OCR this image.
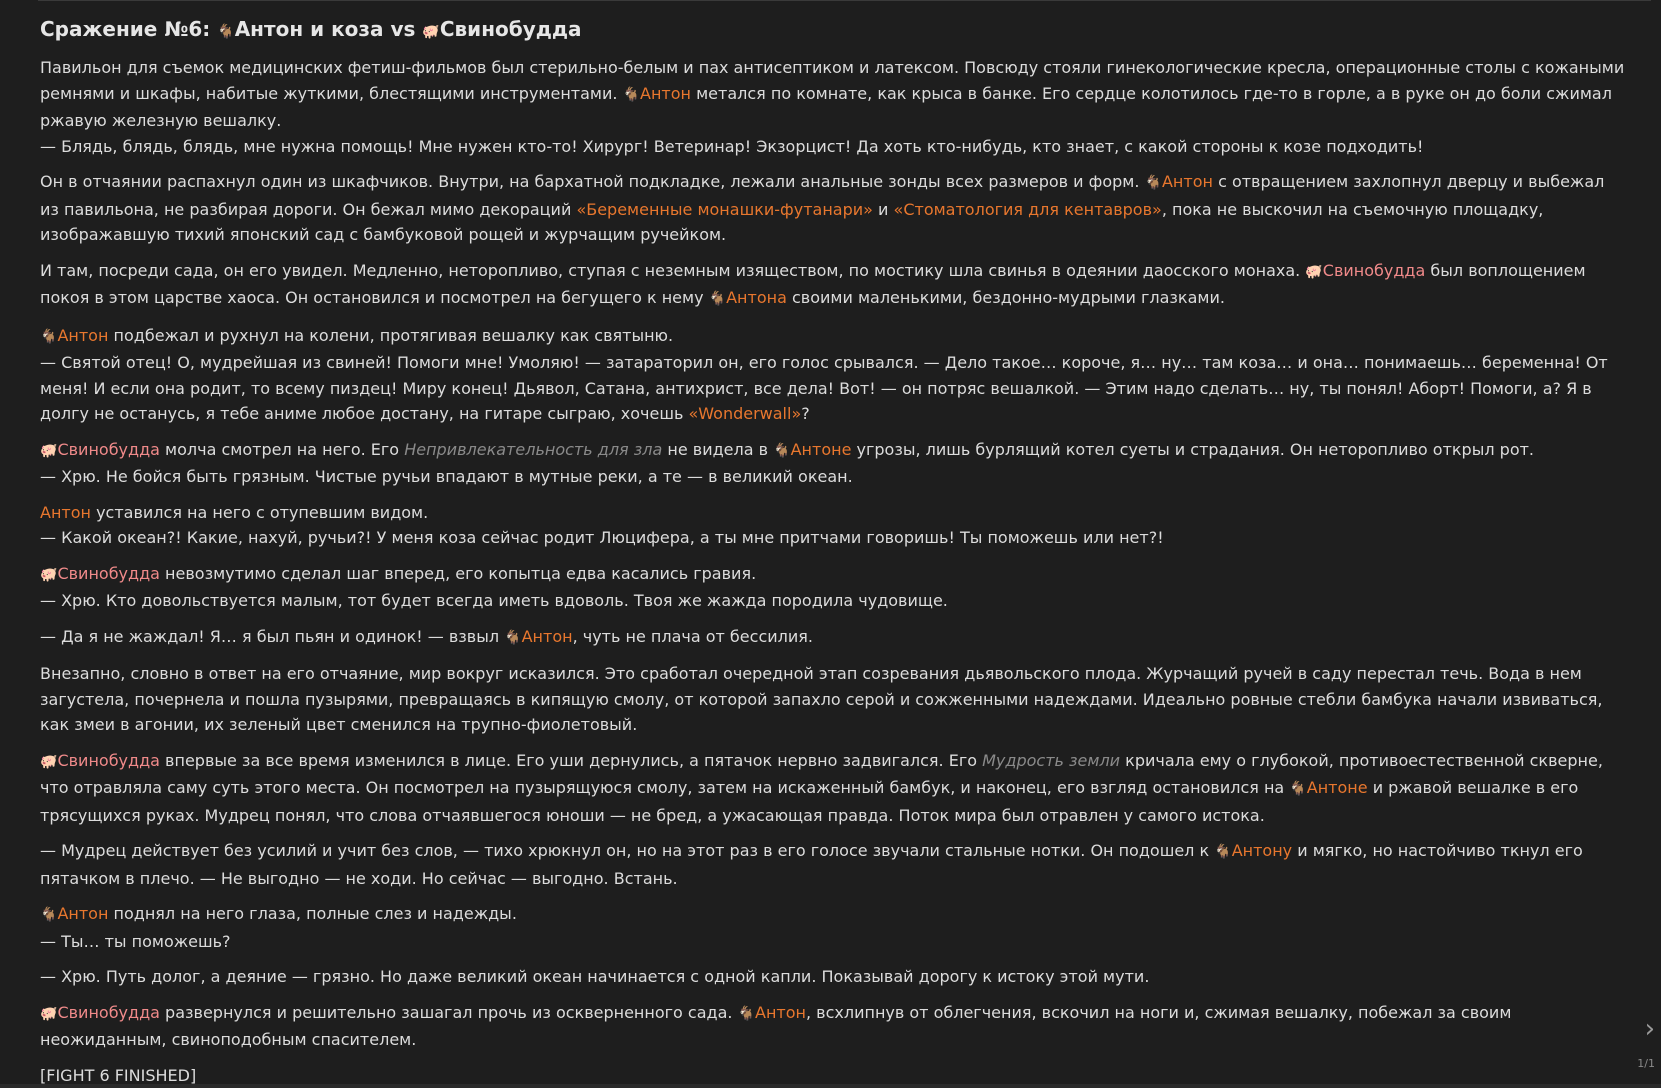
Сражение №6: 🐐Антон и коза vs 🐖Свинобудда

Павильон для съемок медицинских фетиш-фильмов был стерильно-белым и пах антисептиком и латексом. Повсюду стояли гинекологические кресла, операционные столы с кожаными ремнями и шкафы, набитые жуткими, блестящими инструментами. 🐐Антон метался по комнате, как крыса в банке. Его сердце колотилось где-то в горле, а в руке он до боли сжимал ржавую железную вешалку.
— Блядь, блядь, блядь, мне нужна помощь! Мне нужен кто-то! Хирург! Ветеринар! Экзорцист! Да хоть кто-нибудь, кто знает, с какой стороны к козе подходить!

Он в отчаянии распахнул один из шкафчиков. Внутри, на бархатной подкладке, лежали анальные зонды всех размеров и форм. 🐐Антон с отвращением захлопнул дверцу и выбежал из павильона, не разбирая дороги. Он бежал мимо декораций «Беременные монашки-футанари» и «Стоматология для кентавров», пока не выскочил на съемочную площадку, изображавшую тихий японский сад с бамбуковой рощей и журчащим ручейком.

И там, посреди сада, он его увидел. Медленно, неторопливо, ступая с неземным изяществом, по мостику шла свинья в одеянии даосского монаха. 🐖Свинобудда был воплощением покоя в этом царстве хаоса. Он остановился и посмотрел на бегущего к нему 🐐Антона своими маленькими, бездонно-мудрыми глазками.

🐐Антон подбежал и рухнул на колени, протягивая вешалку как святыню.
— Святой отец! О, мудрейшая из свиней! Помоги мне! Умоляю! — затараторил он, его голос срывался. — Дело такое… короче, я… ну… там коза… и она… понимаешь… беременна! От меня! И если она родит, то всему пиздец! Миру конец! Дьявол, Сатана, антихрист, все дела! Вот! — он потряс вешалкой. — Этим надо сделать… ну, ты понял! Аборт! Помоги, а? Я в долгу не останусь, я тебе аниме любое достану, на гитаре сыграю, хочешь «Wonderwall»?

🐖Свинобудда молча смотрел на него. Его Непривлекательность для зла не видела в 🐐Антоне угрозы, лишь бурлящий котел суеты и страдания. Он неторопливо открыл рот.
— Хрю. Не бойся быть грязным. Чистые ручьи впадают в мутные реки, а те — в великий океан.

Антон уставился на него с отупевшим видом.
— Какой океан?! Какие, нахуй, ручьи?! У меня коза сейчас родит Люцифера, а ты мне притчами говоришь! Ты поможешь или нет?!

🐖Свинобудда невозмутимо сделал шаг вперед, его копытца едва касались гравия.
— Хрю. Кто довольствуется малым, тот будет всегда иметь вдоволь. Твоя же жажда породила чудовище.

— Да я не жаждал! Я… я был пьян и одинок! — взвыл 🐐Антон, чуть не плача от бессилия.

Внезапно, словно в ответ на его отчаяние, мир вокруг исказился. Это сработал очередной этап созревания дьявольского плода. Журчащий ручей в саду перестал течь. Вода в нем загустела, почернела и пошла пузырями, превращаясь в кипящую смолу, от которой запахло серой и сожженными надеждами. Идеально ровные стебли бамбука начали извиваться, как змеи в агонии, их зеленый цвет сменился на трупно-фиолетовый.

🐖Свинобудда впервые за все время изменился в лице. Его уши дернулись, а пятачок нервно задвигался. Его Мудрость земли кричала ему о глубокой, противоестественной скверне, что отравляла саму суть этого места. Он посмотрел на пузырящуюся смолу, затем на искаженный бамбук, и наконец, его взгляд остановился на 🐐Антоне и ржавой вешалке в его трясущихся руках. Мудрец понял, что слова отчаявшегося юноши — не бред, а ужасающая правда. Поток мира был отравлен у самого истока.

— Мудрец действует без усилий и учит без слов, — тихо хрюкнул он, но на этот раз в его голосе звучали стальные нотки. Он подошел к 🐐Антону и мягко, но настойчиво ткнул его пятачком в плечо. — Не выгодно — не ходи. Но сейчас — выгодно. Встань.

🐐Антон поднял на него глаза, полные слез и надежды.
— Ты… ты поможешь?

— Хрю. Путь долог, а деяние — грязно. Но даже великий океан начинается с одной капли. Показывай дорогу к истоку этой мути.

🐖Свинобудда развернулся и решительно зашагал прочь из оскверненного сада. 🐐Антон, всхлипнув от облегчения, вскочил на ноги и, сжимая вешалку, побежал за своим неожиданным, свиноподобным спасителем.

[FIGHT 6 FINISHED]

›
1/1
